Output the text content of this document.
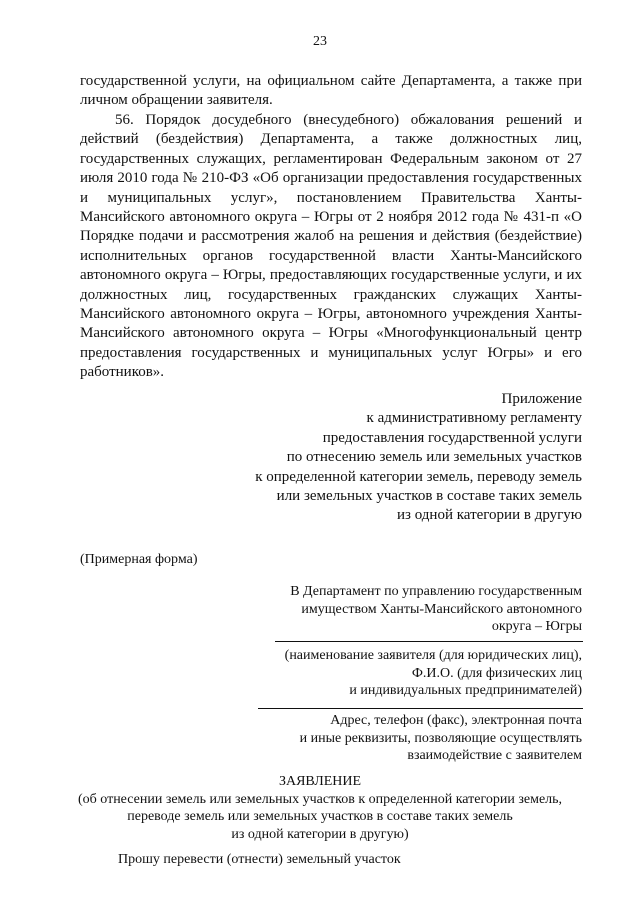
23
государственной услуги, на официальном сайте Департамента, а также при
личном обращении заявителя.

56. Порядок досудебного (внесудебного) обжалования решений и действий (бездействия) Департамента, а также должностных лиц, государственных служащих, регламентирован Федеральным законом от 27 июля 2010 года № 210-ФЗ «Об организации предоставления государственных и муниципальных услуг», постановлением Правительства Ханты-Мансийского автономного округа – Югры от 2 ноября 2012 года № 431-п «О Порядке подачи и рассмотрения жалоб на решения и действия (бездействие) исполнительных органов государственной власти Ханты-Мансийского автономного округа – Югры, предоставляющих государственные услуги, и их должностных лиц, государственных гражданских служащих Ханты-Мансийского автономного округа – Югры, автономного учреждения Ханты-Мансийского автономного округа – Югры «Многофункциональный центр предоставления государственных и муниципальных услуг Югры» и его работников».

Приложение
к административному регламенту
предоставления государственной услуги
по отнесению земель или земельных участков
к определенной категории земель, переводу земель
или земельных участков в составе таких земель
из одной категории в другую
(Примерная форма)
В Департамент по управлению государственным
имуществом Ханты-Мансийского автономного
округа – Югры
(наименование заявителя (для юридических лиц),
Ф.И.О. (для физических лиц
и индивидуальных предпринимателей)
Адрес, телефон (факс), электронная почта
и иные реквизиты, позволяющие осуществлять
взаимодействие с заявителем
ЗАЯВЛЕНИЕ
(об отнесении земель или земельных участков к определенной категории земель,
переводе земель или земельных участков в составе таких земель
из одной категории в другую)
Прошу перевести (отнести) земельный участок
